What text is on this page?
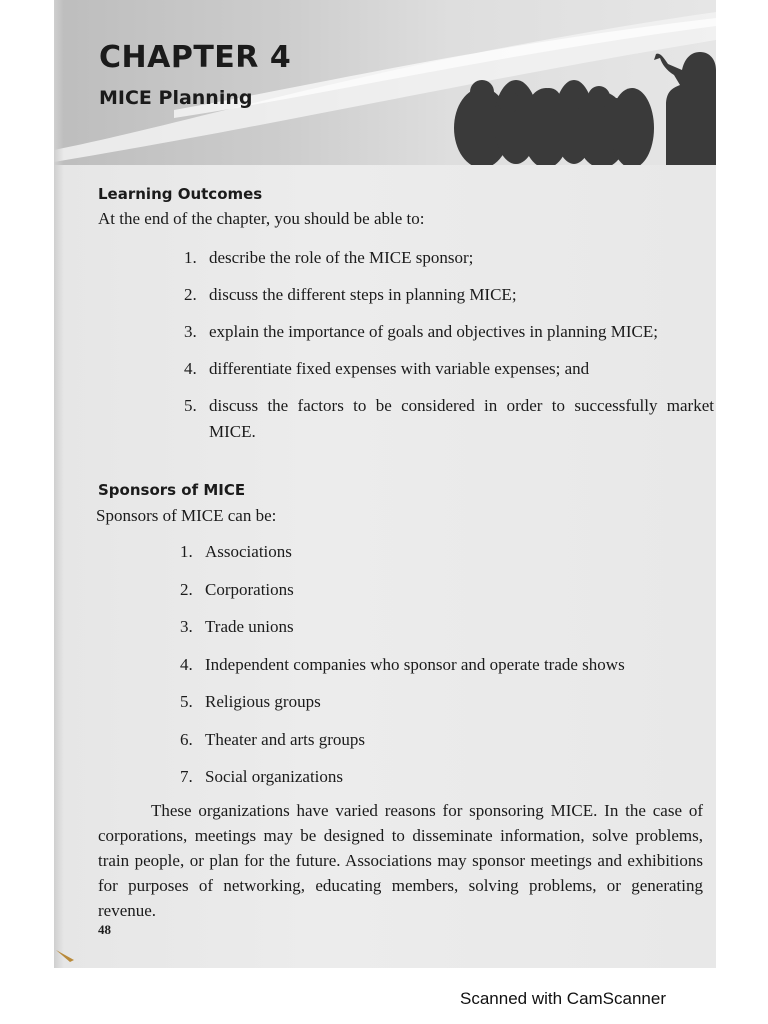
CHAPTER 4
MICE Planning
Learning Outcomes
At the end of the chapter, you should be able to:
1. describe the role of the MICE sponsor;
2. discuss the different steps in planning MICE;
3. explain the importance of goals and objectives in planning MICE;
4. differentiate fixed expenses with variable expenses; and
5. discuss the factors to be considered in order to successfully market MICE.
Sponsors of MICE
Sponsors of MICE can be:
1. Associations
2. Corporations
3. Trade unions
4. Independent companies who sponsor and operate trade shows
5. Religious groups
6. Theater and arts groups
7. Social organizations

These organizations have varied reasons for sponsoring MICE. In the case of corporations, meetings may be designed to disseminate information, solve problems, train people, or plan for the future. Associations may sponsor meetings and exhibitions for purposes of networking, educating members, solving problems, or generating revenue.

48
Scanned with CamScanner
